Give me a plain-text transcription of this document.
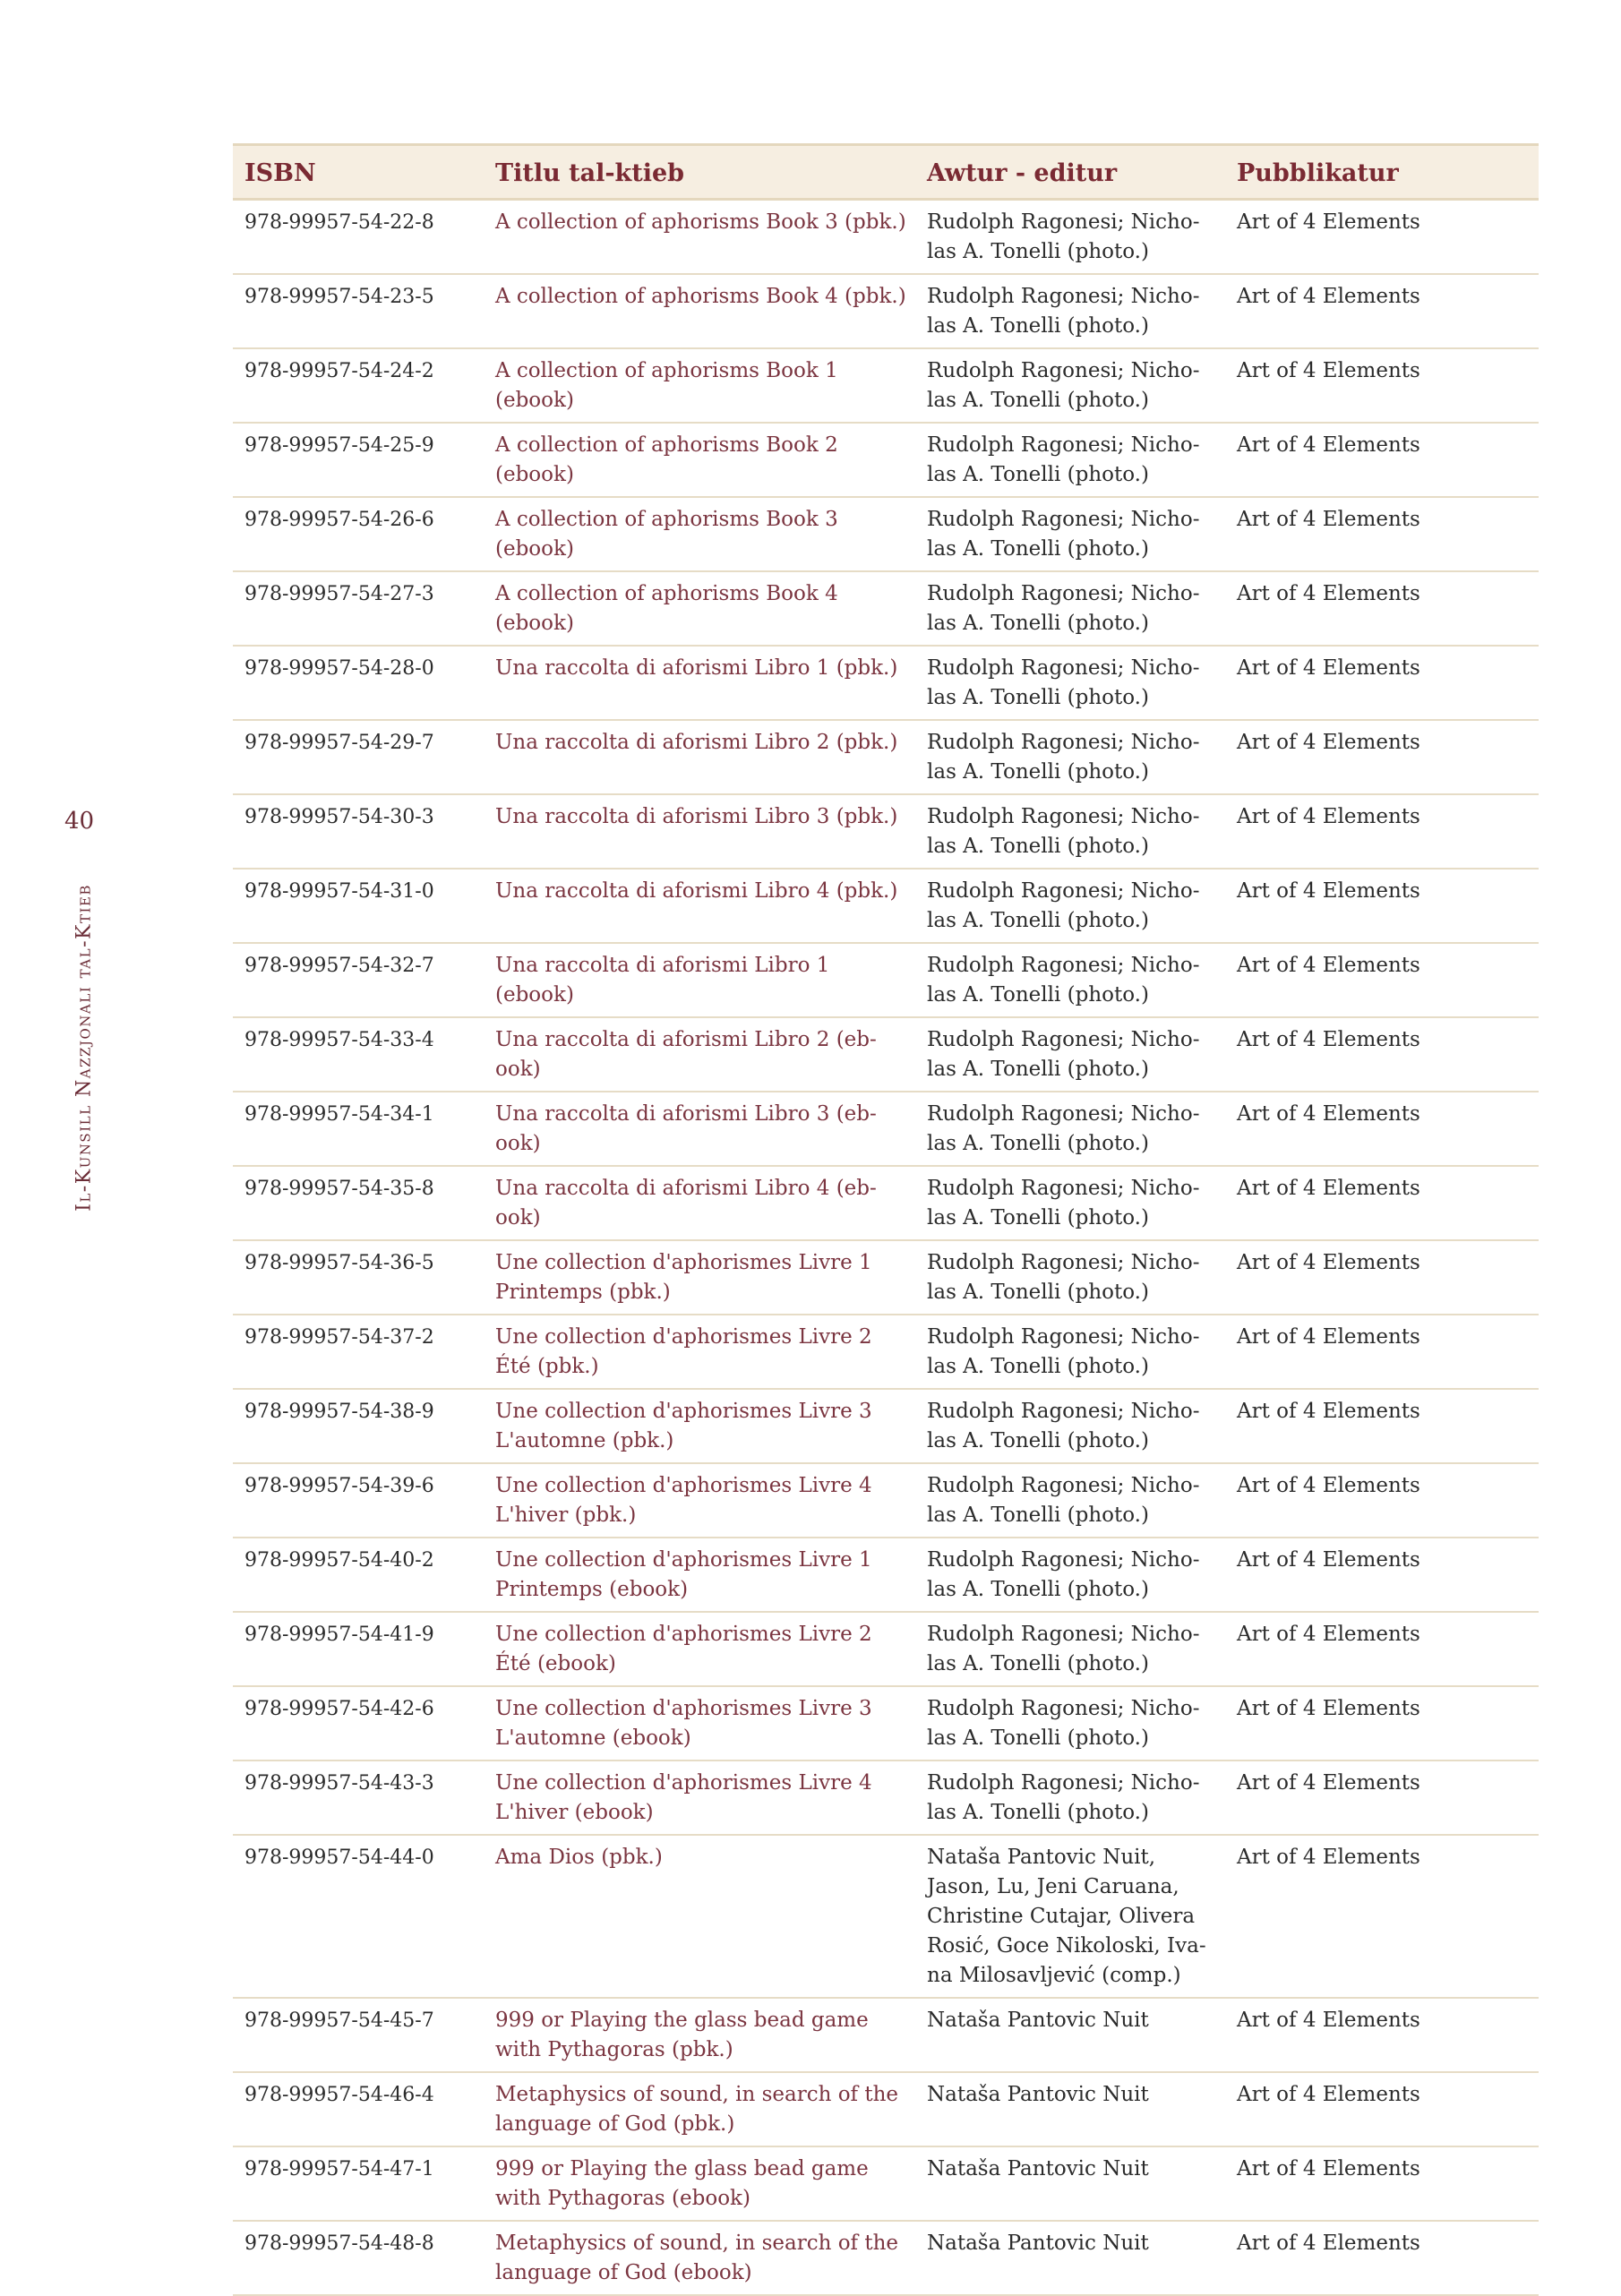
40
Il-Kunsill Nazzjonali tal-Ktieb
ISBN	Titlu tal-ktieb	Awtur - editur	Pubblikatur
978-99957-54-22-8	A collection of aphorisms Book 3 (pbk.)	Rudolph Ragonesi; Nicho-las A. Tonelli (photo.)	Art of 4 Elements
978-99957-54-23-5	A collection of aphorisms Book 4 (pbk.)	Rudolph Ragonesi; Nicho-las A. Tonelli (photo.)	Art of 4 Elements
978-99957-54-24-2	A collection of aphorisms Book 1 (ebook)	Rudolph Ragonesi; Nicho-las A. Tonelli (photo.)	Art of 4 Elements
978-99957-54-25-9	A collection of aphorisms Book 2 (ebook)	Rudolph Ragonesi; Nicho-las A. Tonelli (photo.)	Art of 4 Elements
978-99957-54-26-6	A collection of aphorisms Book 3 (ebook)	Rudolph Ragonesi; Nicho-las A. Tonelli (photo.)	Art of 4 Elements
978-99957-54-27-3	A collection of aphorisms Book 4 (ebook)	Rudolph Ragonesi; Nicho-las A. Tonelli (photo.)	Art of 4 Elements
978-99957-54-28-0	Una raccolta di aforismi Libro 1 (pbk.)	Rudolph Ragonesi; Nicho-las A. Tonelli (photo.)	Art of 4 Elements
978-99957-54-29-7	Una raccolta di aforismi Libro 2 (pbk.)	Rudolph Ragonesi; Nicho-las A. Tonelli (photo.)	Art of 4 Elements
978-99957-54-30-3	Una raccolta di aforismi Libro 3 (pbk.)	Rudolph Ragonesi; Nicho-las A. Tonelli (photo.)	Art of 4 Elements
978-99957-54-31-0	Una raccolta di aforismi Libro 4 (pbk.)	Rudolph Ragonesi; Nicho-las A. Tonelli (photo.)	Art of 4 Elements
978-99957-54-32-7	Una raccolta di aforismi Libro 1 (ebook)	Rudolph Ragonesi; Nicho-las A. Tonelli (photo.)	Art of 4 Elements
978-99957-54-33-4	Una raccolta di aforismi Libro 2 (eb-ook)	Rudolph Ragonesi; Nicho-las A. Tonelli (photo.)	Art of 4 Elements
978-99957-54-34-1	Una raccolta di aforismi Libro 3 (eb-ook)	Rudolph Ragonesi; Nicho-las A. Tonelli (photo.)	Art of 4 Elements
978-99957-54-35-8	Una raccolta di aforismi Libro 4 (eb-ook)	Rudolph Ragonesi; Nicho-las A. Tonelli (photo.)	Art of 4 Elements
978-99957-54-36-5	Une collection d'aphorismes Livre 1 Printemps (pbk.)	Rudolph Ragonesi; Nicho-las A. Tonelli (photo.)	Art of 4 Elements
978-99957-54-37-2	Une collection d'aphorismes Livre 2 Été (pbk.)	Rudolph Ragonesi; Nicho-las A. Tonelli (photo.)	Art of 4 Elements
978-99957-54-38-9	Une collection d'aphorismes Livre 3 L'automne (pbk.)	Rudolph Ragonesi; Nicho-las A. Tonelli (photo.)	Art of 4 Elements
978-99957-54-39-6	Une collection d'aphorismes Livre 4 L'hiver (pbk.)	Rudolph Ragonesi; Nicho-las A. Tonelli (photo.)	Art of 4 Elements
978-99957-54-40-2	Une collection d'aphorismes Livre 1 Printemps (ebook)	Rudolph Ragonesi; Nicho-las A. Tonelli (photo.)	Art of 4 Elements
978-99957-54-41-9	Une collection d'aphorismes Livre 2 Été (ebook)	Rudolph Ragonesi; Nicho-las A. Tonelli (photo.)	Art of 4 Elements
978-99957-54-42-6	Une collection d'aphorismes Livre 3 L'automne (ebook)	Rudolph Ragonesi; Nicho-las A. Tonelli (photo.)	Art of 4 Elements
978-99957-54-43-3	Une collection d'aphorismes Livre 4 L'hiver (ebook)	Rudolph Ragonesi; Nicho-las A. Tonelli (photo.)	Art of 4 Elements
978-99957-54-44-0	Ama Dios (pbk.)	Nataša Pantovic Nuit, Jason, Lu, Jeni Caruana, Christine Cutajar, Olivera Rosić, Goce Nikoloski, Iva-na Milosavljević (comp.)	Art of 4 Elements
978-99957-54-45-7	999 or Playing the glass bead game with Pythagoras (pbk.)	Nataša Pantovic Nuit	Art of 4 Elements
978-99957-54-46-4	Metaphysics of sound, in search of the language of God (pbk.)	Nataša Pantovic Nuit	Art of 4 Elements
978-99957-54-47-1	999 or Playing the glass bead game with Pythagoras (ebook)	Nataša Pantovic Nuit	Art of 4 Elements
978-99957-54-48-8	Metaphysics of sound, in search of the language of God (ebook)	Nataša Pantovic Nuit	Art of 4 Elements
